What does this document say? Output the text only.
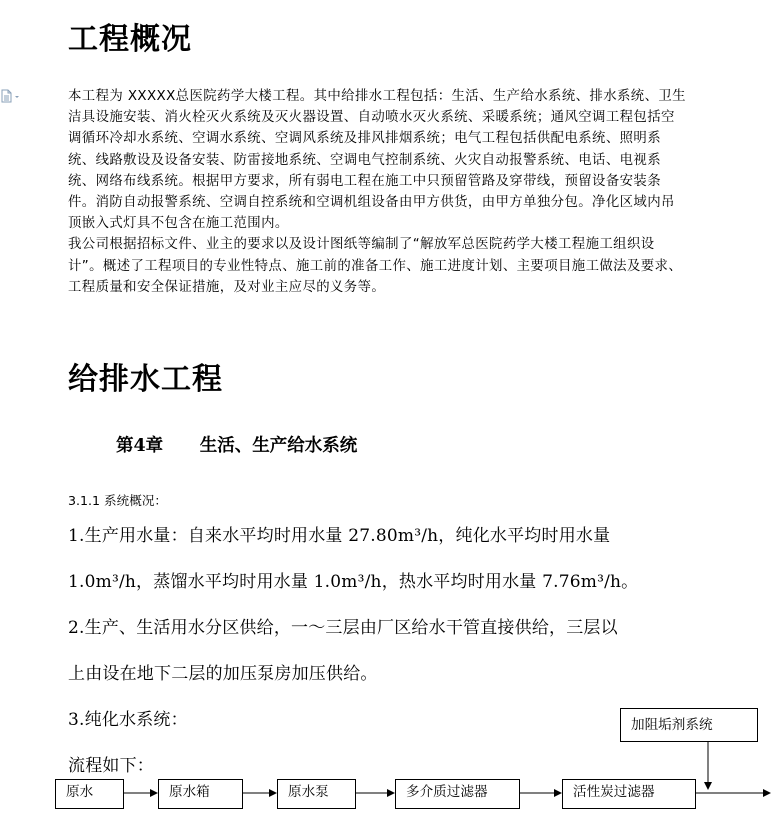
工程概况

本工程为 XXXXX总医院药学大楼工程。其中给排水工程包括：生活、生产给水系统、排水系统、卫生洁具设施安装、消火栓灭火系统及灭火器设置、自动喷水灭火系统、采暖系统；通风空调工程包括空调循环冷却水系统、空调水系统、空调风系统及排风排烟系统；电气工程包括供配电系统、照明系统、线路敷设及设备安装、防雷接地系统、空调电气控制系统、火灾自动报警系统、电话、电视系统、网络布线系统。根据甲方要求，所有弱电工程在施工中只预留管路及穿带线，预留设备安装条件。消防自动报警系统、空调自控系统和空调机组设备由甲方供货，由甲方单独分包。净化区域内吊顶嵌入式灯具不包含在施工范围内。

我公司根据招标文件、业主的要求以及设计图纸等编制了“解放军总医院药学大楼工程施工组织设计”。概述了工程项目的专业性特点、施工前的准备工作、施工进度计划、主要项目施工做法及要求、工程质量和安全保证措施，及对业主应尽的义务等。

给排水工程
第4章 生活、生产给水系统
3.1.1 系统概况：
1.生产用水量：自来水平均时用水量 27.80m³/h，纯化水平均时用水量
1.0m³/h，蒸馏水平均时用水量 1.0m³/h，热水平均时用水量 7.76m³/h。
2.生产、生活用水分区供给，一～三层由厂区给水干管直接供给，三层以
上由设在地下二层的加压泵房加压供给。
3.纯化水系统：
流程如下：
原水	原水箱	原水泵	多介质过滤器	活性炭过滤器
加阻垢剂系统
